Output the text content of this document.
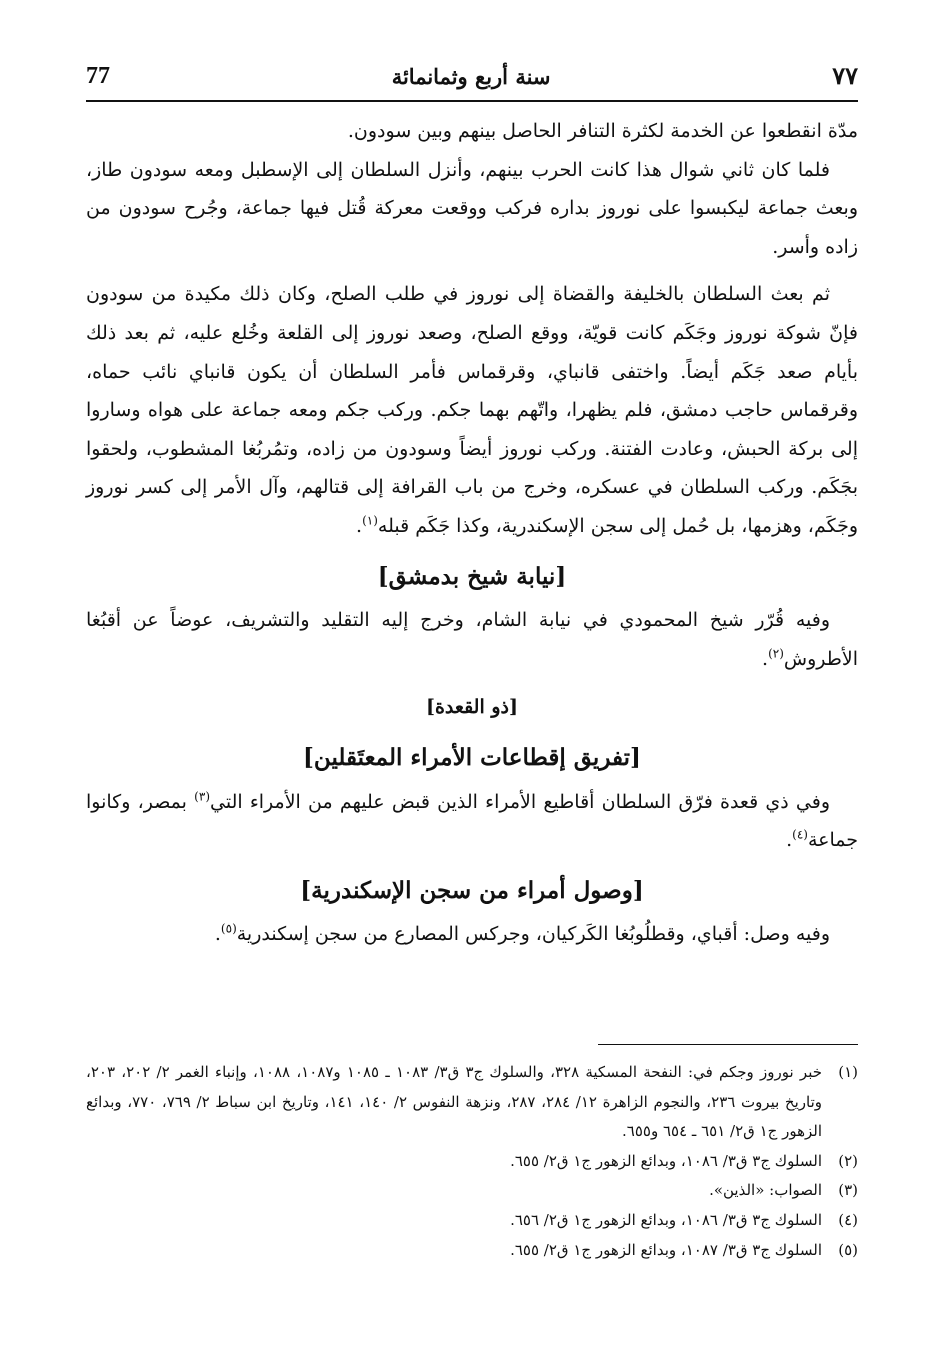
77	سنة أربع وثمانمائة	٧٧

مدّة انقطعوا عن الخدمة لكثرة التنافر الحاصل بينهم وبين سودون.

فلما كان ثاني شوال هذا كانت الحرب بينهم، وأنزل السلطان إلى الإسطبل ومعه سودون طاز، وبعث جماعة ليكبسوا على نوروز بداره فركب ووقعت معركة قُتل فيها جماعة، وجُرح سودون من زاده وأسر.

ثم بعث السلطان بالخليفة والقضاة إلى نوروز في طلب الصلح، وكان ذلك مكيدة من سودون فإنّ شوكة نوروز وجَكَم كانت قويّة، ووقع الصلح، وصعد نوروز إلى القلعة وخُلع عليه، ثم بعد ذلك بأيام صعد جَكَم أيضاً. واختفى قانباي، وقرقماس فأمر السلطان أن يكون قانباي نائب حماه، وقرقماس حاجب دمشق، فلم يظهرا، واتّهم بهما جكم. وركب جكم ومعه جماعة على هواه وساروا إلى بركة الحبش، وعادت الفتنة. وركب نوروز أيضاً وسودون من زاده، وتمُربُغا المشطوب، ولحقوا بجَكَم. وركب السلطان في عسكره، وخرج من باب القرافة إلى قتالهم، وآل الأمر إلى كسر نوروز وجَكَم، وهزمها، بل حُمل إلى سجن الإسكندرية، وكذا جَكَم قبله$^{(١)}$.

[نيابة شيخ بدمشق]

وفيه قُرّر شيخ المحمودي في نيابة الشام، وخرج إليه التقليد والتشريف، عوضاً عن أقبُغا الأطروش$^{(٢)}$.

[ذو القعدة]
[تفريق إقطاعات الأمراء المعتَقلين]

وفي ذي قعدة فرّق السلطان أقاطيع الأمراء الذين قبض عليهم من الأمراء التي$^{(٣)}$ بمصر، وكانوا جماعة$^{(٤)}$.

[وصول أمراء من سجن الإسكندرية]

وفيه وصل: أقباي، وقطلُوبُغا الكَركيان، وجركس المصارع من سجن إسكندرية$^{(٥)}$.

(١)
خبر نوروز وجكم في: النفحة المسكية ٣٢٨، والسلوك ج٣ ق٣/ ١٠٨٣ ـ ١٠٨٥ و١٠٨٧، ١٠٨٨، وإنباء الغمر ٢/ ٢٠٢، ٢٠٣، وتاريخ بيروت ٢٣٦، والنجوم الزاهرة ١٢/ ٢٨٤، ٢٨٧، ونزهة النفوس ٢/ ١٤٠، ١٤١، وتاريخ ابن سباط ٢/ ٧٦٩، ٧٧٠، وبدائع الزهور ج١ ق٢/ ٦٥١ ـ ٦٥٤ و٦٥٥.
(٢)
السلوك ج٣ ق٣/ ١٠٨٦، وبدائع الزهور ج١ ق٢/ ٦٥٥.
(٣)
الصواب: «الذين».
(٤)
السلوك ج٣ ق٣/ ١٠٨٦، وبدائع الزهور ج١ ق٢/ ٦٥٦.
(٥)
السلوك ج٣ ق٣/ ١٠٨٧، وبدائع الزهور ج١ ق٢/ ٦٥٥.
